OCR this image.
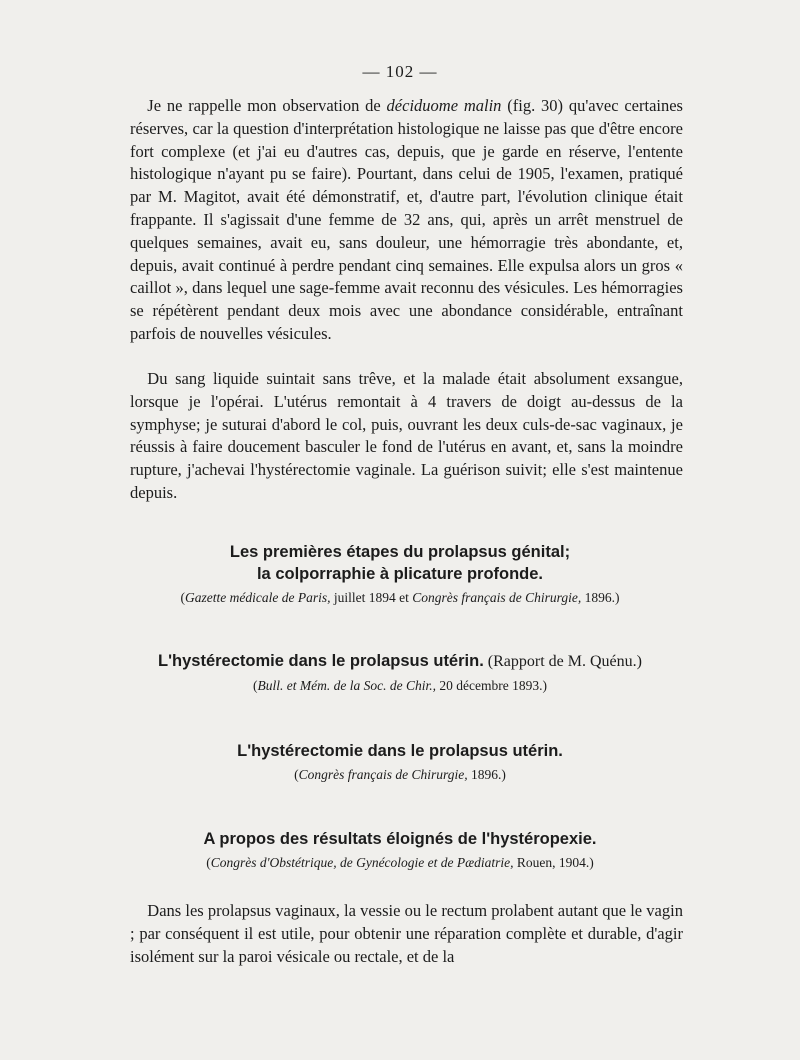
— 102 —

Je ne rappelle mon observation de déciduome malin (fig. 30) qu'avec certaines réserves, car la question d'interprétation histologique ne laisse pas que d'être encore fort complexe (et j'ai eu d'autres cas, depuis, que je garde en réserve, l'entente histologique n'ayant pu se faire). Pourtant, dans celui de 1905, l'examen, pratiqué par M. Magitot, avait été démonstratif, et, d'autre part, l'évolution clinique était frappante. Il s'agissait d'une femme de 32 ans, qui, après un arrêt menstruel de quelques semaines, avait eu, sans douleur, une hémorragie très abondante, et, depuis, avait continué à perdre pendant cinq semaines. Elle expulsa alors un gros « caillot », dans lequel une sage-femme avait reconnu des vésicules. Les hémorragies se répétèrent pendant deux mois avec une abondance considérable, entraînant parfois de nouvelles vésicules.

Du sang liquide suintait sans trêve, et la malade était absolument exsangue, lorsque je l'opérai. L'utérus remontait à 4 travers de doigt au-dessus de la symphyse; je suturai d'abord le col, puis, ouvrant les deux culs-de-sac vaginaux, je réussis à faire doucement basculer le fond de l'utérus en avant, et, sans la moindre rupture, j'achevai l'hystérectomie vaginale. La guérison suivit; elle s'est maintenue depuis.

Les premières étapes du prolapsus génital;
la colporraphie à plicature profonde.

(Gazette médicale de Paris, juillet 1894 et Congrès français de Chirurgie, 1896.)

L'hystérectomie dans le prolapsus utérin. (Rapport de M. Quénu.)

(Bull. et Mém. de la Soc. de Chir., 20 décembre 1893.)

L'hystérectomie dans le prolapsus utérin.

(Congrès français de Chirurgie, 1896.)

A propos des résultats éloignés de l'hystéropexie.

(Congrès d'Obstétrique, de Gynécologie et de Pædiatrie, Rouen, 1904.)

Dans les prolapsus vaginaux, la vessie ou le rectum prolabent autant que le vagin ; par conséquent il est utile, pour obtenir une réparation complète et durable, d'agir isolément sur la paroi vésicale ou rectale, et de la
